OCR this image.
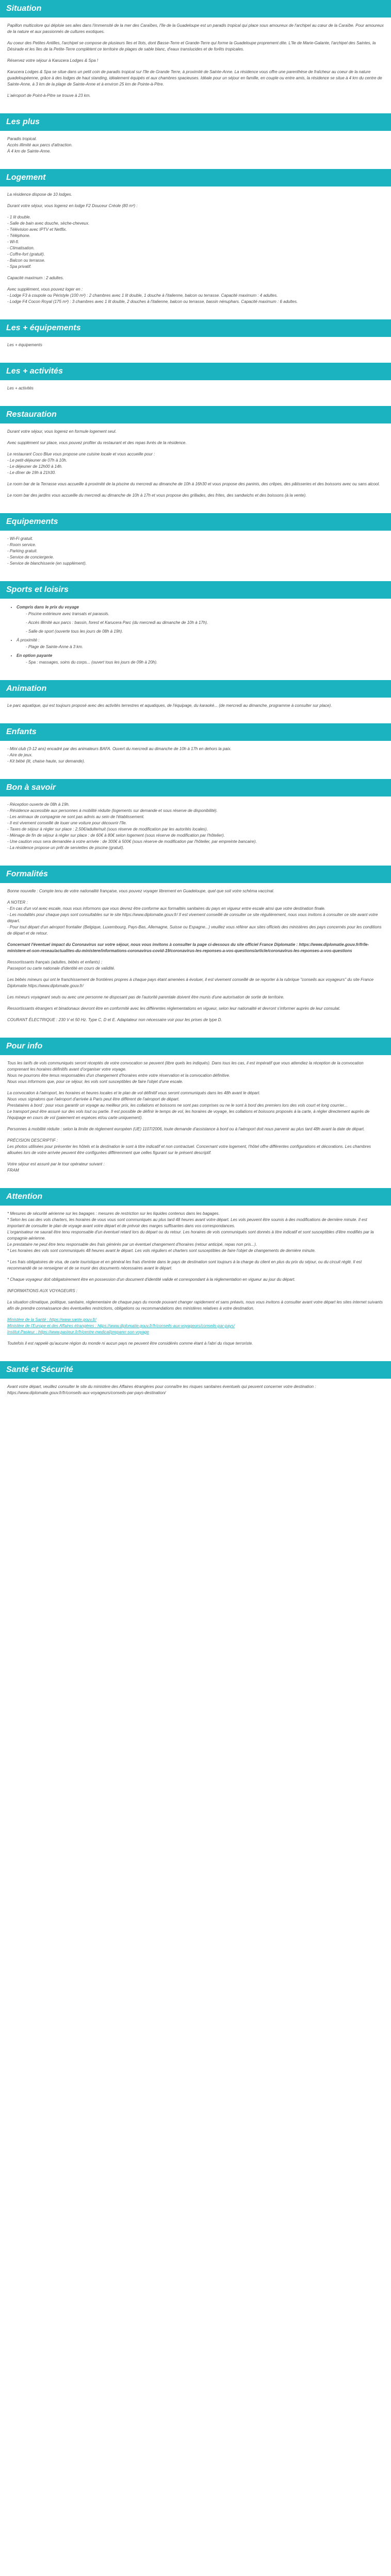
Situation

Papillon multicolore qui déploie ses ailes dans l'immensité de la mer des Caraïbes, l'île de la Guadeloupe est un paradis tropical qui place sous amoureux de l'archipel au cœur de la Caraïbe. Pour amoureux de la nature et aux passionnés de cultures exotiques.

Au coeur des Petites Antilles, l'archipel se compose de plusieurs îles et îlots, dont Basse-Terre et Grande-Terre qui forme la Guadeloupe proprement dite. L'île de Marie-Galante, l'archipel des Saintes, la Désirade et les îles de la Petite-Terre complètent ce territoire de plages de sable blanc, d'eaux translucides et de forêts tropicales.

Réservez votre séjour à Karucera Lodges & Spa !

Karucera Lodges & Spa se situe dans un petit coin de paradis tropical sur l'île de Grande Terre, à proximité de Sainte-Anne. La résidence vous offre une parenthèse de fraîcheur au coeur de la nature guadeloupéenne, grâce à des lodges de haut standing, idéalement équipés et aux chambres spacieuses. Idéale pour un séjour en famille, en couple ou entre amis, la résidence se situe à 4 km du centre de Sainte-Anne, à 3 km de la plage de Sainte-Anne et à environ 25 km de Pointe-à-Pitre.

L'aéroport de Point-à-Pitre se trouve à 23 km.

Les plus

Paradis tropical.
Accès illimité aux parcs d'attraction.
À 4 km de Sainte-Anne.

Logement

La résidence dispose de 10 lodges.

Durant votre séjour, vous logerez en lodge F2 Douceur Créole (80 m²) :

- 1 lit double.
- Salle de bain avec douche, sèche-cheveux.
- Télévision avec IPTV et Netflix.
- Téléphone.
- Wi-fi.
- Climatisation.
- Coffre-fort (gratuit).
- Balcon ou terrasse.
- Spa privatif.

Capacité maximum : 2 adultes.

Avec supplément, vous pouvez loger en :
- Lodge F3 à coupole ou Péristyle (100 m²) : 2 chambres avec 1 lit double, 1 douche à l'italienne, balcon ou terrasse. Capacité maximum : 4 adultes.
- Lodge F4 Cocon Royal (175 m²) : 3 chambres avec 1 lit double, 2 douches à l'italienne, balcon ou terrasse, bassin nénuphars. Capacité maximum : 6 adultes.

Les + équipements

Les + équipements

Les + activités

Les + activités

Restauration

Durant votre séjour, vous logerez en formule logement seul.

Avec supplément sur place, vous pouvez profiter du restaurant et des repas livrés de la résidence.

Le restaurant Coco Blue vous propose une cuisine locale et vous accueille pour :
- Le petit-déjeuner de 07h à 10h.
- Le déjeuner de 12h00 à 14h.
- Le dîner de 19h à 21h30.

Le room bar de la Terrasse vous accueille à proximité de la piscine du mercredi au dimanche de 10h à 16h30 et vous propose des paninis, des crêpes, des pâtisseries et des boissons avec ou sans alcool.

Le room bar des jardins vous accueille du mercredi au dimanche de 10h à 17h et vous propose des grillades, des frites, des sandwichs et des boissons (à la vente).

Equipements

- Wi-Fi gratuit.
- Room service.
- Parking gratuit.
- Service de conciergerie.
- Service de blanchisserie (en supplément).

Sports et loisirs
• Compris dans le prix du voyage
- Piscine extérieure avec transats et parasols.
- Accès illimité aux parcs : bassin, forest et Karucera Parc (du mercredi au dimanche de 10h à 17h).
- Salle de sport (ouverte tous les jours de 08h à 19h).
• À proximité :
- Plage de Sainte-Anne à 3 km.
• En option payante
- Spa : massages, soins du corps... (ouvert tous les jours de 09h à 20h).
Animation

Le parc aquatique, qui est toujours proposé avec des activités terrestres et aquatiques, de l'équipage, du karaoké... (de mercredi au dimanche, programme à consulter sur place).

Enfants

- Mini club (3-12 ans) encadré par des animateurs BAFA. Ouvert du mercredi au dimanche de 10h à 17h en dehors la paix.
- Aire de jeux.
- Kit bébé (lit, chaise haute, sur demande).

Bon à savoir

- Réception ouverte de 08h à 19h.
- Résidence accessible aux personnes à mobilité réduite (logements sur demande et sous réserve de disponibilité).
- Les animaux de compagnie ne sont pas admis au sein de l'établissement.
- Il est vivement conseillé de louer une voiture pour découvrir l'île.
- Taxes de séjour à régler sur place : 2,50€/adulte/nuit (sous réserve de modification par les autorités locales).
- Ménage de fin de séjour à régler sur place : de 60€ à 80€ selon logement (sous réserve de modification par l'hôtelier).
- Une caution vous sera demandée à votre arrivée : de 300€ à 500€ (sous réserve de modification par l'hôtelier, par empreinte bancaire).
- La résidence propose un prêt de serviettes de piscine (gratuit).

Formalités

Bonne nouvelle : Compte tenu de votre nationalité française, vous pouvez voyager librement en Guadeloupe, quel que soit votre schéma vaccinal.

A NOTER :
- En cas d'un vol avec escale, nous vous informons que vous devrez être conforme aux formalités sanitaires du pays en vigueur entre escale ainsi que votre destination finale.
- Les modalités pour chaque pays sont consultables sur le site https://www.diplomatie.gouv.fr/ Il est vivement conseillé de consulter ce site régulièrement, nous vous invitons à consulter ce site avant votre départ.
- Pour tout départ d'un aéroport frontalier (Belgique, Luxembourg, Pays-Bas, Allemagne, Suisse ou Espagne...) veuillez vous référer aux sites officiels des ministères des pays concernés pour les conditions de départ et de retour.

Concernant l'éventuel impact du Coronavirus sur votre séjour, nous vous invitons à consulter la page ci-dessous du site officiel France Diplomatie : https://www.diplomatie.gouv.fr/fr/le-ministere-et-son-reseau/actualites-du-ministere/informations-coronavirus-covid-19/coronavirus-les-reponses-a-vos-questions/article/coronavirus-les-reponses-a-vos-questions

Ressortissants français (adultes, bébés et enfants) :
Passeport ou carte nationale d'identité en cours de validité.

Les bébés mineurs qui ont le franchissement de frontières propres à chaque pays étant amenées à évoluer, il est vivement conseillé de se reporter à la rubrique "conseils aux voyageurs" du site France Diplomatie https://www.diplomatie.gouv.fr/

Les mineurs voyageant seuls ou avec une personne ne disposant pas de l'autorité parentale doivent être munis d'une autorisation de sortie de territoire.

Ressortissants étrangers et binationaux devront être en conformité avec les différentes réglementations en vigueur, selon leur nationalité et devront s'informer auprès de leur consulat.

COURANT ÉLECTRIQUE : 230 V et 50 Hz. Type C, D et E. Adaptateur non nécessaire voir pour les prises de type D.

Pour info

Tous les tarifs de vols communiqués seront réceptés de votre convocation se peuvent (libre quels les indiqués). Dans tous les cas, il est impératif que vous attendiez la réception de la convocation comprenant les horaires définitifs avant d'organiser votre voyage.
Nous ne pourrons être tenus responsables d'un changement d'horaires entre votre réservation et la convocation définitive.
Nous vous informons que, pour ce séjour, les vols sont susceptibles de faire l'objet d'une escale.

La convocation à l'aéroport, les horaires et heures locales et le plan de vol définitif vous seront communiqués dans les 48h avant le départ.
Nous vous signalons que l'aéroport d'arrivée à Paris peut être différent de l'aéroport de départ.
Prestataires à bord : pour vous garantir un voyage au meilleur prix, les collations et boissons ne sont pas comprises ou ne le sont à bord des premiers lors des vols court et long courrier...
Le transport peut être assuré sur des vols tout ou partie. Il est possible de définir le temps de vol, les horaires de voyage, les collations et boissons proposés à la carte, à régler directement auprès de l'équipage en cours de vol (paiement en espèces et/ou carte uniquement).

Personnes à mobilité réduite : selon la limite de règlement européen (UE) 1107/2006, toute demande d'assistance à bord ou à l'aéroport doit nous parvenir au plus tard 48h avant la date de départ.

PRÉCISION DESCRIPTIF :
Les photos utilisées pour présenter les hôtels et la destination le sont à titre indicatif et non contractuel. Concernant votre logement, l'hôtel offre différentes configurations et décorations. Les chambres allouées lors de votre arrivée peuvent être configurées différemment que celles figurant sur le présent descriptif.

Votre séjour est assuré par le tour opérateur suivant :
FRAM

Attention

* Mesures de sécurité aérienne sur les bagages : mesures de restriction sur les liquides contenus dans les bagages.
* Selon les cas des vols charters, les horaires de vous vous sont communiqués au plus tard 48 heures avant votre départ. Les vols peuvent être soumis à des modifications de dernière minute. Il est important de consulter le plan de voyage avant votre départ et de prévoir des marges suffisantes dans vos correspondances.
L'organisateur ne saurait être tenu responsable d'un éventuel retard lors du départ ou du retour. Les horaires de vols communiqués sont donnés à titre indicatif et sont susceptibles d'être modifiés par la compagnie aérienne.
Le prestataire ne peut être tenu responsable des frais générés par un éventuel changement d'horaires (retour anticipé, repas non pris...).
* Les horaires des vols sont communiqués 48 heures avant le départ. Les vols réguliers et charters sont susceptibles de faire l'objet de changements de dernière minute.

* Les frais obligatoires de visa, de carte touristique et en général les frais d'entrée dans le pays de destination sont toujours à la charge du client en plus du prix du séjour, ou du circuit réglé. Il est recommandé de se renseigner et de se munir des documents nécessaires avant le départ.

* Chaque voyageur doit obligatoirement être en possession d'un document d'identité valide et correspondant à la réglementation en vigueur au jour du départ.

INFORMATIONS AUX VOYAGEURS :

La situation climatique, politique, sanitaire, réglementaire de chaque pays du monde pouvant changer rapidement et sans préavis, nous vous invitons à consulter avant votre départ les sites internet suivants afin de prendre connaissance des éventuelles restrictions, obligations ou recommandations des ministères relatives à votre destination.

Ministère de la Santé : https://www.sante.gouv.fr/
Ministère de l'Europe et des Affaires étrangères : https://www.diplomatie.gouv.fr/fr/conseils-aux-voyageurs/conseils-par-pays/
Institut Pasteur : https://www.pasteur.fr/fr/centre-medical/preparer-son-voyage

Toutefois il est rappelé qu'aucune région du monde ni aucun pays ne peuvent être considérés comme étant à l'abri du risque terroriste.

Santé et Sécurité

Avant votre départ, veuillez consulter le site du ministère des Affaires étrangères pour connaître les risques sanitaires éventuels qui peuvent concerner votre destination : https://www.diplomatie.gouv.fr/fr/conseils-aux-voyageurs/conseils-par-pays-destination/
